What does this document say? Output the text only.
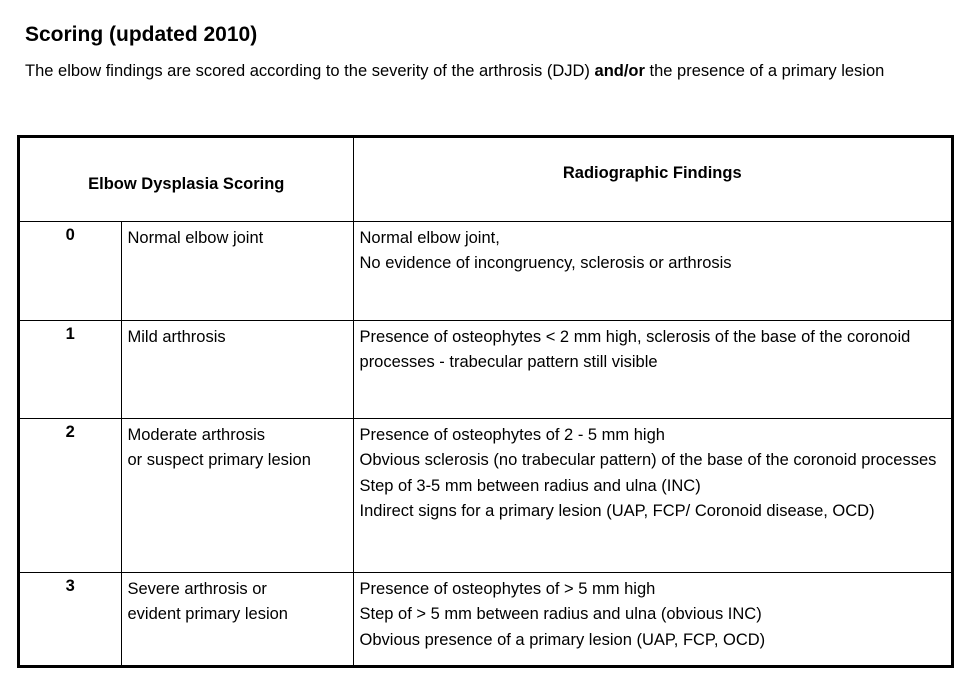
Scoring (updated 2010)

The elbow findings are scored according to the severity of the arthrosis (DJD) and/or the presence of a primary lesion

Elbow Dysplasia Scoring		Radiographic Findings
0	Normal elbow joint	Normal elbow joint,
No evidence of incongruency, sclerosis or arthrosis

1	Mild arthrosis	Presence of osteophytes < 2 mm high, sclerosis of the base of the coronoid processes - trabecular pattern still visible

2	Moderate arthrosis
or suspect primary lesion	Presence of osteophytes of 2 - 5 mm high
Obvious sclerosis (no trabecular pattern) of the base of the coronoid processes
Step of 3-5 mm between radius and ulna (INC)
Indirect signs for a primary lesion (UAP, FCP/ Coronoid disease, OCD)

3	Severe arthrosis or
evident primary lesion	Presence of osteophytes of > 5 mm high
Step of > 5 mm between radius and ulna (obvious INC)
Obvious presence of a primary lesion (UAP, FCP, OCD)
